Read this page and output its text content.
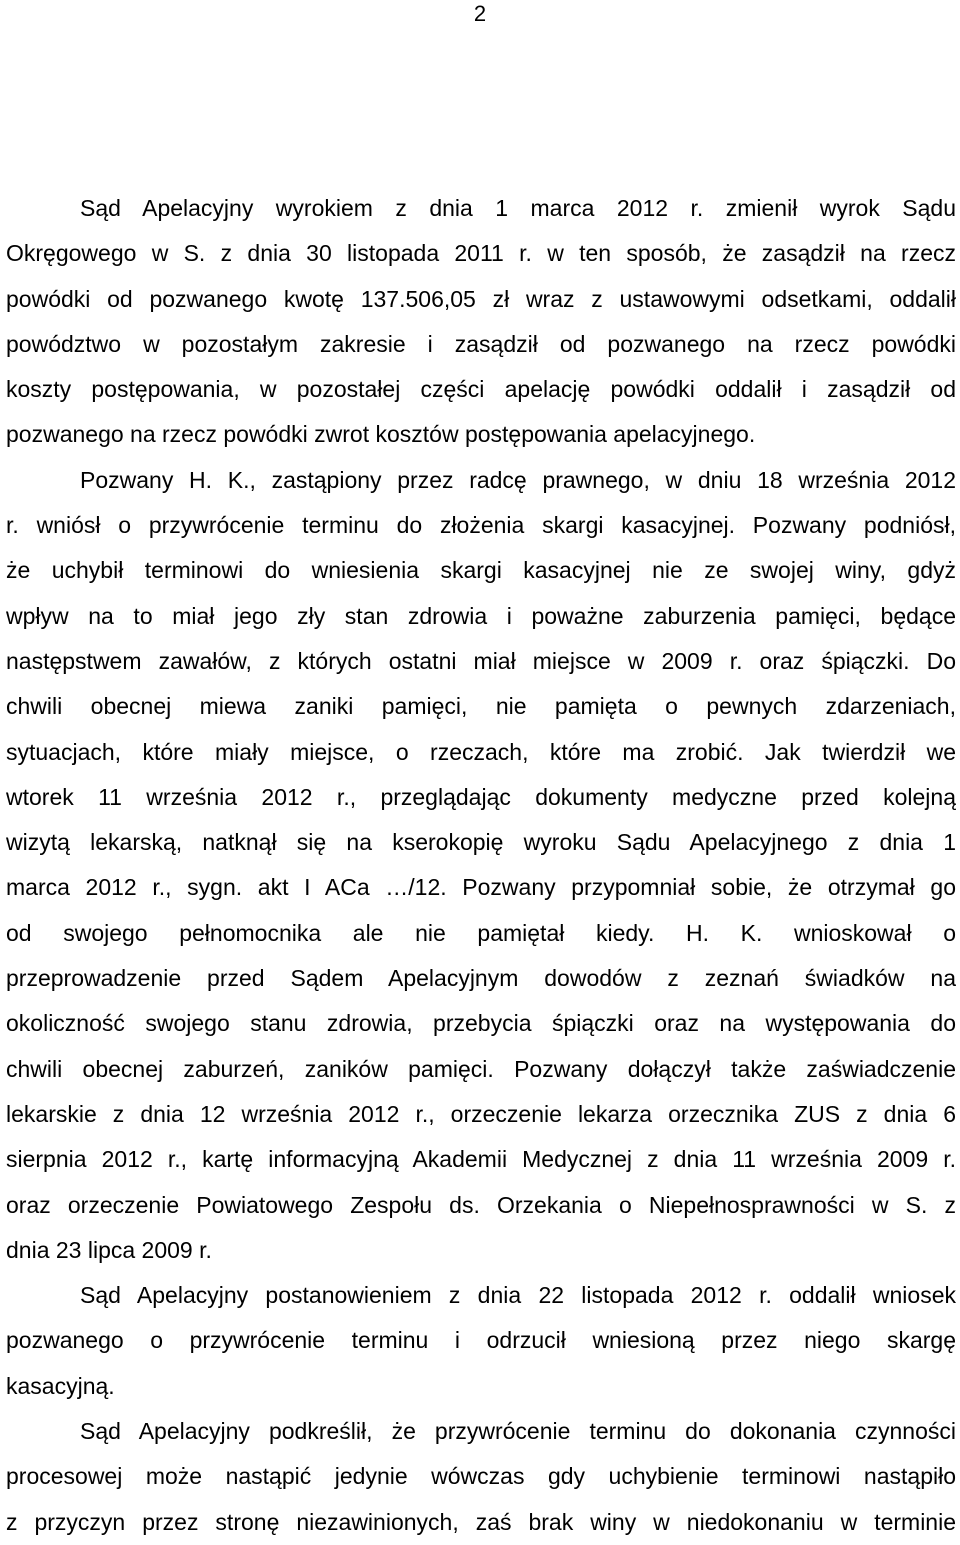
2
Sąd Apelacyjny wyrokiem z dnia 1 marca 2012 r. zmienił wyrok Sądu
Okręgowego w S. z dnia 30 listopada 2011 r. w ten sposób, że zasądził na rzecz
powódki od pozwanego kwotę 137.506,05 zł wraz z ustawowymi odsetkami, oddalił
powództwo w pozostałym zakresie i zasądził od pozwanego na rzecz powódki
koszty postępowania, w pozostałej części apelację powódki oddalił i zasądził od
pozwanego na rzecz powódki zwrot kosztów postępowania apelacyjnego.
Pozwany H. K., zastąpiony przez radcę prawnego, w dniu 18 września 2012
r. wniósł o przywrócenie terminu do złożenia skargi kasacyjnej. Pozwany podniósł,
że uchybił terminowi do wniesienia skargi kasacyjnej nie ze swojej winy, gdyż
wpływ na to miał jego zły stan zdrowia i poważne zaburzenia pamięci, będące
następstwem zawałów, z których ostatni miał miejsce w 2009 r. oraz śpiączki. Do
chwili obecnej miewa zaniki pamięci, nie pamięta o pewnych zdarzeniach,
sytuacjach, które miały miejsce, o rzeczach, które ma zrobić. Jak twierdził we
wtorek 11 września 2012 r., przeglądając dokumenty medyczne przed kolejną
wizytą lekarską, natknął się na kserokopię wyroku Sądu Apelacyjnego z dnia 1
marca 2012 r., sygn. akt I ACa …/12. Pozwany przypomniał sobie, że otrzymał go
od swojego pełnomocnika ale nie pamiętał kiedy. H. K. wnioskował o
przeprowadzenie przed Sądem Apelacyjnym dowodów z zeznań świadków na
okoliczność swojego stanu zdrowia, przebycia śpiączki oraz na występowania do
chwili obecnej zaburzeń, zaników pamięci. Pozwany dołączył także zaświadczenie
lekarskie z dnia 12 września 2012 r., orzeczenie lekarza orzecznika ZUS z dnia 6
sierpnia 2012 r., kartę informacyjną Akademii Medycznej z dnia 11 września 2009 r.
oraz orzeczenie Powiatowego Zespołu ds. Orzekania o Niepełnosprawności w S. z
dnia 23 lipca 2009 r.
Sąd Apelacyjny postanowieniem z dnia 22 listopada 2012 r. oddalił wniosek
pozwanego o przywrócenie terminu i odrzucił wniesioną przez niego skargę
kasacyjną.
Sąd Apelacyjny podkreślił, że przywrócenie terminu do dokonania czynności
procesowej może nastąpić jedynie wówczas gdy uchybienie terminowi nastąpiło
z przyczyn przez stronę niezawinionych, zaś brak winy w niedokonaniu w terminie
